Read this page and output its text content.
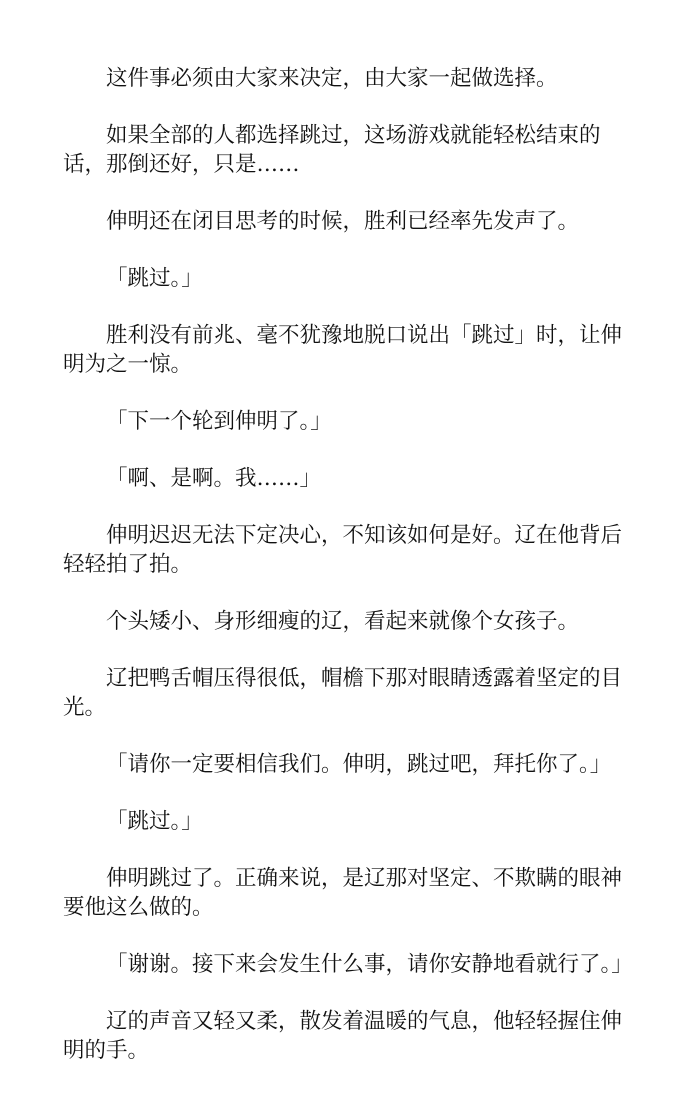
这件事必须由大家来决定，由大家一起做选择。

如果全部的人都选择跳过，这场游戏就能轻松结束的话，那倒还好，只是……

伸明还在闭目思考的时候，胜利已经率先发声了。

「跳过。」

胜利没有前兆、毫不犹豫地脱口说出「跳过」时，让伸明为之一惊。

「下一个轮到伸明了。」

「啊、是啊。我……」

伸明迟迟无法下定决心，不知该如何是好。辽在他背后轻轻拍了拍。

个头矮小、身形细瘦的辽，看起来就像个女孩子。

辽把鸭舌帽压得很低，帽檐下那对眼睛透露着坚定的目光。

「请你一定要相信我们。伸明，跳过吧，拜托你了。」

「跳过。」

伸明跳过了。正确来说，是辽那对坚定、不欺瞒的眼神要他这么做的。

「谢谢。接下来会发生什么事，请你安静地看就行了。」

辽的声音又轻又柔，散发着温暖的气息，他轻轻握住伸明的手。
